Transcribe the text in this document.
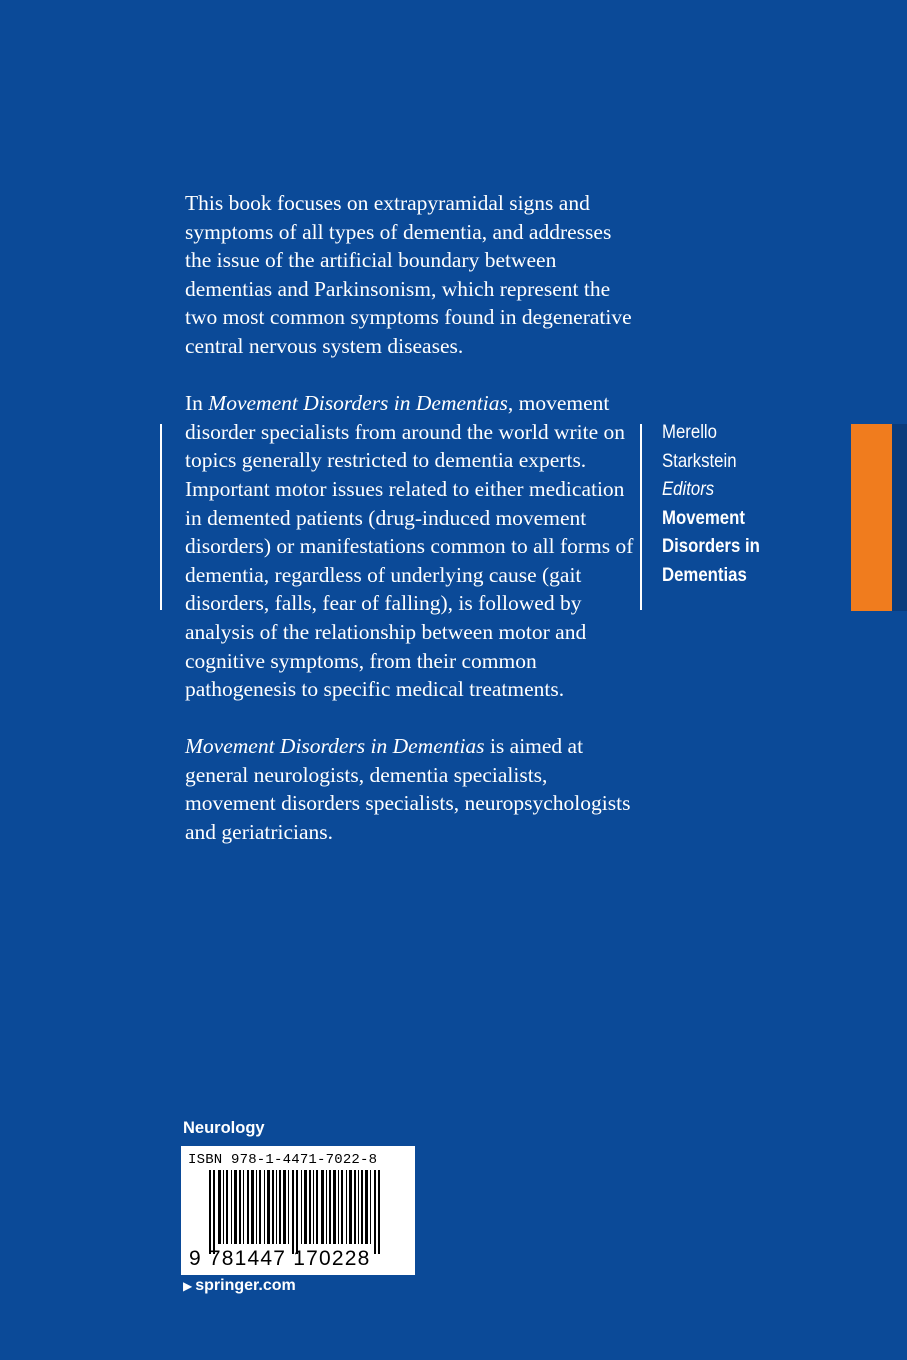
This book focuses on extrapyramidal signs and symptoms of all types of dementia, and addresses the issue of the artificial boundary between dementias and Parkinsonism, which represent the two most common symptoms found in degenerative central nervous system diseases.

In Movement Disorders in Dementias, movement disorder specialists from around the world write on topics generally restricted to dementia experts. Important motor issues related to either medication in demented patients (drug-induced movement disorders) or manifestations common to all forms of dementia, regardless of underlying cause (gait disorders, falls, fear of falling), is followed by analysis of the relationship between motor and cognitive symptoms, from their common pathogenesis to specific medical treatments.

Movement Disorders in Dementias is aimed at general neurologists, dementia specialists, movement disorders specialists, neuropsychologists and geriatricians.

Merello
Starkstein
Editors
Movement
Disorders in
Dementias
Neurology
ISBN 978-1-4471-7022-8
9 781447 170228
▶ springer.com
